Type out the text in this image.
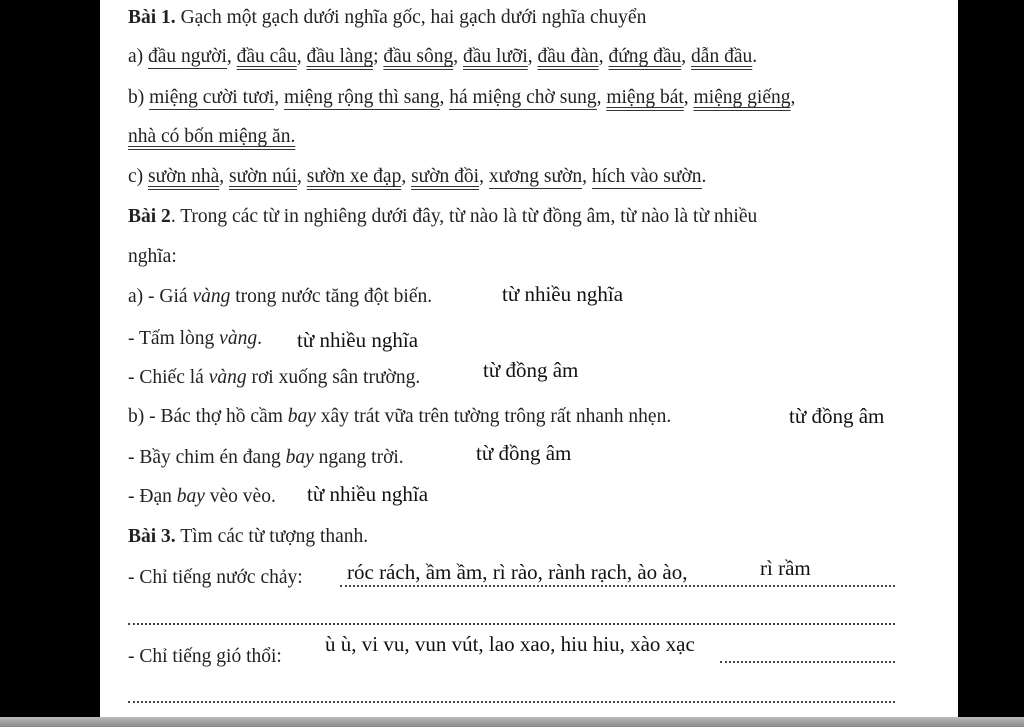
Bài 1. Gạch một gạch dưới nghĩa gốc, hai gạch dưới nghĩa chuyển
a) đầu người, đầu câu, đầu làng; đầu sông, đầu lưỡi, đầu đàn, đứng đầu, dẫn đầu.
b) miệng cười tươi, miệng rộng thì sang, há miệng chờ sung, miệng bát, miệng giếng,
nhà có bốn miệng ăn.
c) sườn nhà, sườn núi, sườn xe đạp, sườn đồi, xương sườn, hích vào sườn.
Bài 2. Trong các từ in nghiêng dưới đây, từ nào là từ đồng âm, từ nào là từ nhiều
nghĩa:
a) - Giá vàng trong nước tăng đột biến.	từ nhiều nghĩa
- Tấm lòng vàng. từ nhiều nghĩa
- Chiếc lá vàng rơi xuống sân trường.	từ đồng âm
b) - Bác thợ hồ cầm bay xây trát vữa trên tường trông rất nhanh nhẹn.	từ đồng âm
- Bầy chim én đang bay ngang trời.	từ đồng âm
- Đạn bay vèo vèo. từ nhiều nghĩa
Bài 3. Tìm các từ tượng thanh.
- Chỉ tiếng nước chảy: róc rách, ầm ầm, rì rào, rành rạch, ào ào,	rì rầm
- Chỉ tiếng gió thổi:
ù ù, vi vu, vun vút, lao xao, hiu hiu, xào xạc
